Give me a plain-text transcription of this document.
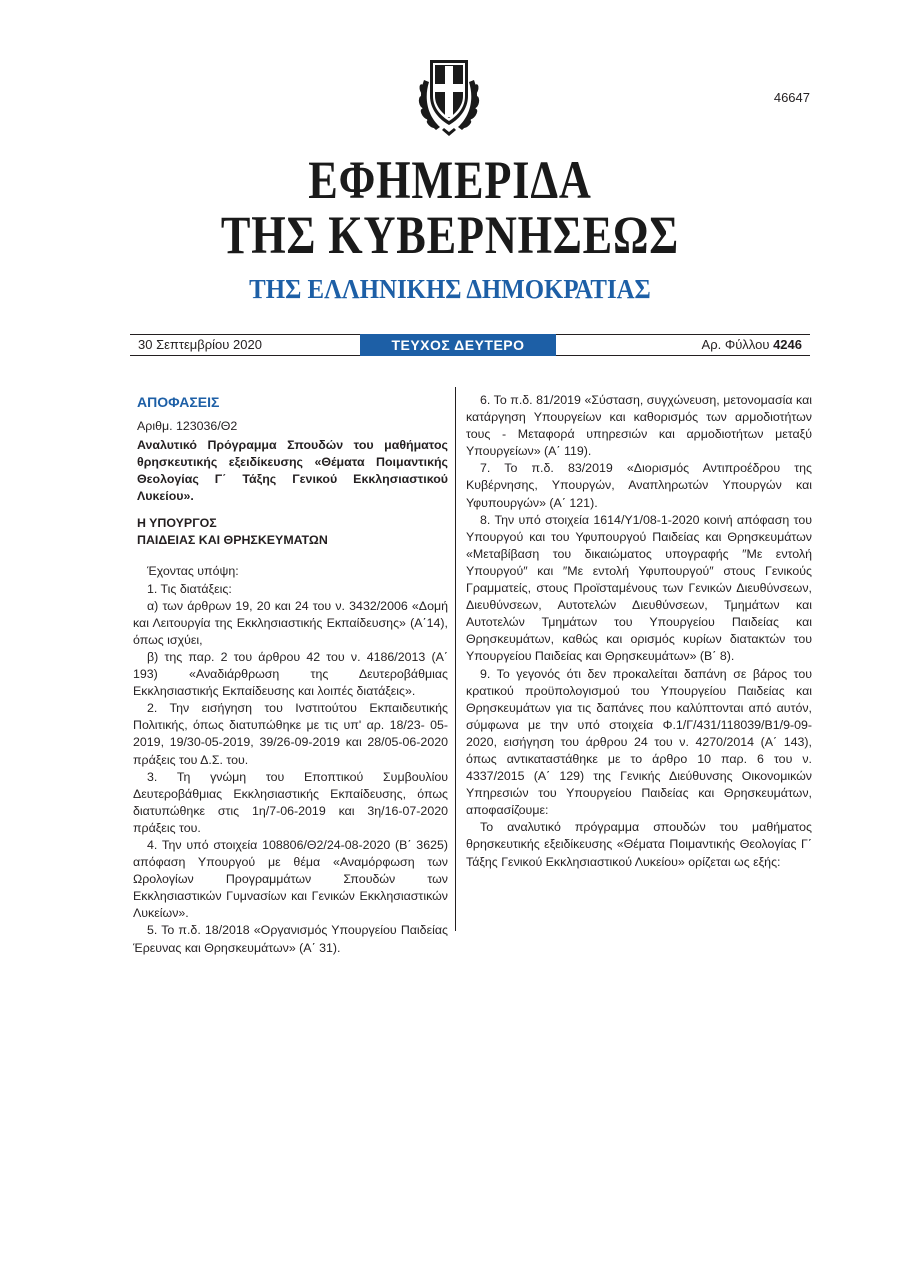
46647
ΕΦΗΜΕΡΙΔΑ
ΤΗΣ ΚΥΒΕΡΝΗΣΕΩΣ
ΤΗΣ ΕΛΛΗΝΙΚΗΣ ΔΗΜΟΚΡΑΤΙΑΣ
30 Σεπτεμβρίου 2020	ΤΕΥΧΟΣ ΔΕΥΤΕΡΟ	Αρ. Φύλλου 4246
ΑΠΟΦΑΣΕΙΣ
Αριθμ. 123036/Θ2
Αναλυτικό Πρόγραμμα Σπουδών του μαθήματος θρησκευτικής εξειδίκευσης «Θέματα Ποιμαντικής Θεολογίας Γ΄ Τάξης Γενικού Εκκλησιαστικού Λυκείου».
Η ΥΠΟΥΡΓΟΣ
ΠΑΙΔΕΙΑΣ ΚΑΙ ΘΡΗΣΚΕΥΜΑΤΩΝ

Έχοντας υπόψη:

1. Τις διατάξεις:

α) των άρθρων 19, 20 και 24 του ν. 3432/2006 «Δομή και Λειτουργία της Εκκλησιαστικής Εκπαίδευσης» (Α΄14), όπως ισχύει,

β) της παρ. 2 του άρθρου 42 του ν. 4186/2013 (Α΄ 193) «Αναδιάρθρωση της Δευτεροβάθμιας Εκκλησιαστικής Εκπαίδευσης και λοιπές διατάξεις».

2. Την εισήγηση του Ινστιτούτου Εκπαιδευτικής Πολιτικής, όπως διατυπώθηκε με τις υπ' αρ. 18/23- 05-2019, 19/30-05-2019, 39/26-09-2019 και 28/05-06-2020 πράξεις του Δ.Σ. του.

3. Τη γνώμη του Εποπτικού Συμβουλίου Δευτεροβάθμιας Εκκλησιαστικής Εκπαίδευσης, όπως διατυπώθηκε στις 1η/7-06-2019 και 3η/16-07-2020 πράξεις του.

4. Την υπό στοιχεία 108806/Θ2/24-08-2020 (Β΄ 3625) απόφαση Υπουργού με θέμα «Αναμόρφωση των Ωρολογίων Προγραμμάτων Σπουδών των Εκκλησιαστικών Γυμνασίων και Γενικών Εκκλησιαστικών Λυκείων».

5. Το π.δ. 18/2018 «Οργανισμός Υπουργείου Παιδείας Έρευνας και Θρησκευμάτων» (Α΄ 31).

6. Το π.δ. 81/2019 «Σύσταση, συγχώνευση, μετονομασία και κατάργηση Υπουργείων και καθορισμός των αρμοδιοτήτων τους - Μεταφορά υπηρεσιών και αρμοδιοτήτων μεταξύ Υπουργείων» (Α΄ 119).

7. Το π.δ. 83/2019 «Διορισμός Αντιπροέδρου της Κυβέρνησης, Υπουργών, Αναπληρωτών Υπουργών και Υφυπουργών» (Α΄ 121).

8. Την υπό στοιχεία 1614/Υ1/08-1-2020 κοινή απόφαση του Υπουργού και του Υφυπουργού Παιδείας και Θρησκευμάτων «Μεταβίβαση του δικαιώματος υπογραφής ″Με εντολή Υπουργού″ και ″Με εντολή Υφυπουργού″ στους Γενικούς Γραμματείς, στους Προϊσταμένους των Γενικών Διευθύνσεων, Διευθύνσεων, Αυτοτελών Διευθύνσεων, Τμημάτων και Αυτοτελών Τμημάτων του Υπουργείου Παιδείας και Θρησκευμάτων, καθώς και ορισμός κυρίων διατακτών του Υπουργείου Παιδείας και Θρησκευμάτων» (Β΄ 8).

9. Το γεγονός ότι δεν προκαλείται δαπάνη σε βάρος του κρατικού προϋπολογισμού του Υπουργείου Παιδείας και Θρησκευμάτων για τις δαπάνες που καλύπτονται από αυτόν, σύμφωνα με την υπό στοιχεία Φ.1/Γ/431/118039/Β1/9-09-2020, εισήγηση του άρθρου 24 του ν. 4270/2014 (Α΄ 143), όπως αντικαταστάθηκε με το άρθρο 10 παρ. 6 του ν. 4337/2015 (Α΄ 129) της Γενικής Διεύθυνσης Οικονομικών Υπηρεσιών του Υπουργείου Παιδείας και Θρησκευμάτων, αποφασίζουμε:

Το αναλυτικό πρόγραμμα σπουδών του μαθήματος θρησκευτικής εξειδίκευσης «Θέματα Ποιμαντικής Θεολογίας Γ΄ Τάξης Γενικού Εκκλησιαστικού Λυκείου» ορίζεται ως εξής:
